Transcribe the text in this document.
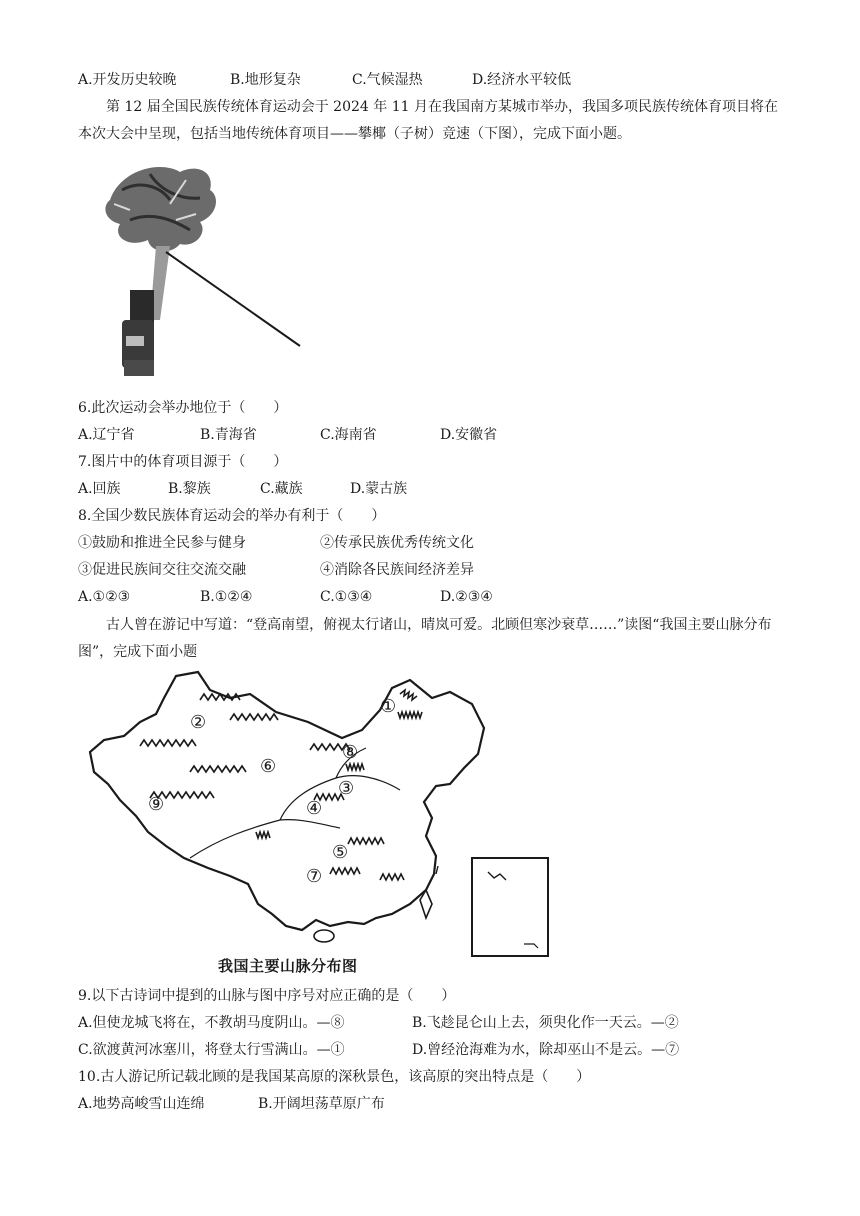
A.开发历史较晚	B.地形复杂	C.气候湿热	D.经济水平较低
第 12 届全国民族传统体育运动会于 2024 年 11 月在我国南方某城市举办，我国多项民族传统体育项目将在本次大会中呈现，包括当地传统体育项目——攀椰（子树）竞速（下图），完成下面小题。
6.此次运动会举办地位于（　　）
A.辽宁省	B.青海省	C.海南省	D.安徽省
7.图片中的体育项目源于（　　）
A.回族	B.黎族	C.藏族	D.蒙古族
8.全国少数民族体育运动会的举办有利于（　　）
①鼓励和推进全民参与健身	②传承民族优秀传统文化
③促进民族间交往交流交融	④消除各民族间经济差异
A.①②③	B.①②④	C.①③④	D.②③④
古人曾在游记中写道：“登高南望，俯视太行诸山，晴岚可爱。北顾但寒沙衰草……”读图“我国主要山脉分布图”，完成下面小题
①
②
③
④
⑤
⑥
⑦
⑧
⑨
我国主要山脉分布图
9.以下古诗词中提到的山脉与图中序号对应正确的是（　　）
A.但使龙城飞将在，不教胡马度阴山。—⑧	B.飞趁昆仑山上去，须臾化作一天云。—②
C.欲渡黄河冰塞川，将登太行雪满山。—①	D.曾经沧海难为水，除却巫山不是云。—⑦
10.古人游记所记载北顾的是我国某高原的深秋景色，该高原的突出特点是（　　）
A.地势高峻雪山连绵	B.开阔坦荡草原广布
